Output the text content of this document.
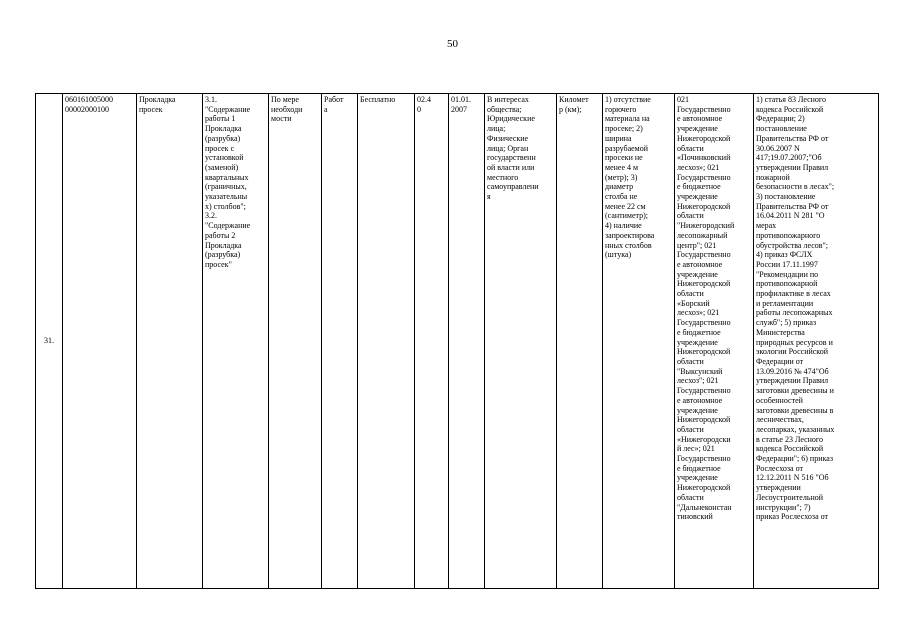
50
31.	
060161005000
00002000100

Прокладка
просек

3.1.
"Содержание
работы 1
Прокладка
(разрубка)
просек с
установкой
(заменой)
квартальных
(граничных,
указательны
х) столбов";
3.2.
"Содержание
работы 2
Прокладка
(разрубка)
просек"

По мере
необходи
мости

Работ
а

Бесплатно	02.4
0

01.01.
2007

В интересах
общества;
Юридические
лица;
Физические
лица; Орган
государственн
ой власти или
местного
самоуправлени
я

Километ
р (км);

1) отсутствие
горючего
материала на
просеке; 2)
ширина
разрубаемой
просеки не
менее 4 м
(метр); 3)
диаметр
столба не
менее 22 см
(сантиметр);
4) наличие
запроектирова
нных столбов
(штука)

021
Государственно
е автономное
учреждение
Нижегородской
области
«Починковский
лесхоз»; 021
Государственно
е бюджетное
учреждение
Нижегородской
области
"Нижегородский
лесопожарный
центр"; 021
Государственно
е автономное
учреждение
Нижегородской
области
«Борский
лесхоз»; 021
Государственно
е бюджетное
учреждение
Нижегородской
области
"Выксунский
лесхоз"; 021
Государственно
е автономное
учреждение
Нижегородской
области
«Нижегородски
й лес»; 021
Государственно
е бюджетное
учреждение
Нижегородской
области
"Дальнеконстан
тиновский

1) статья 83 Лесного
кодекса Российской
Федерации; 2)
постановление
Правительства РФ от
30.06.2007 N
417;19.07.2007;"Об
утверждении Правил
пожарной
безопасности в лесах";
3) постановление
Правительства РФ от
16.04.2011 N 281 "О
мерах
противопожарного
обустройства лесов";
4) приказ ФСЛХ
России 17.11.1997
"Рекомендации по
противопожарной
профилактике в лесах
и регламентации
работы лесопожарных
служб"; 5) приказ
Министерства
природных ресурсов и
экологии Российской
Федерации от
13.09.2016 № 474"Об
утверждении Правил
заготовки древесины и
особенностей
заготовки древесины в
лесничествах,
лесопарках, указанных
в статье 23 Лесного
кодекса Российской
Федерации"; 6) приказ
Рослесхоза от
12.12.2011 N 516 "Об
утверждении
Лесоустроительной
инструкции"; 7)
приказ Рослесхоза от
